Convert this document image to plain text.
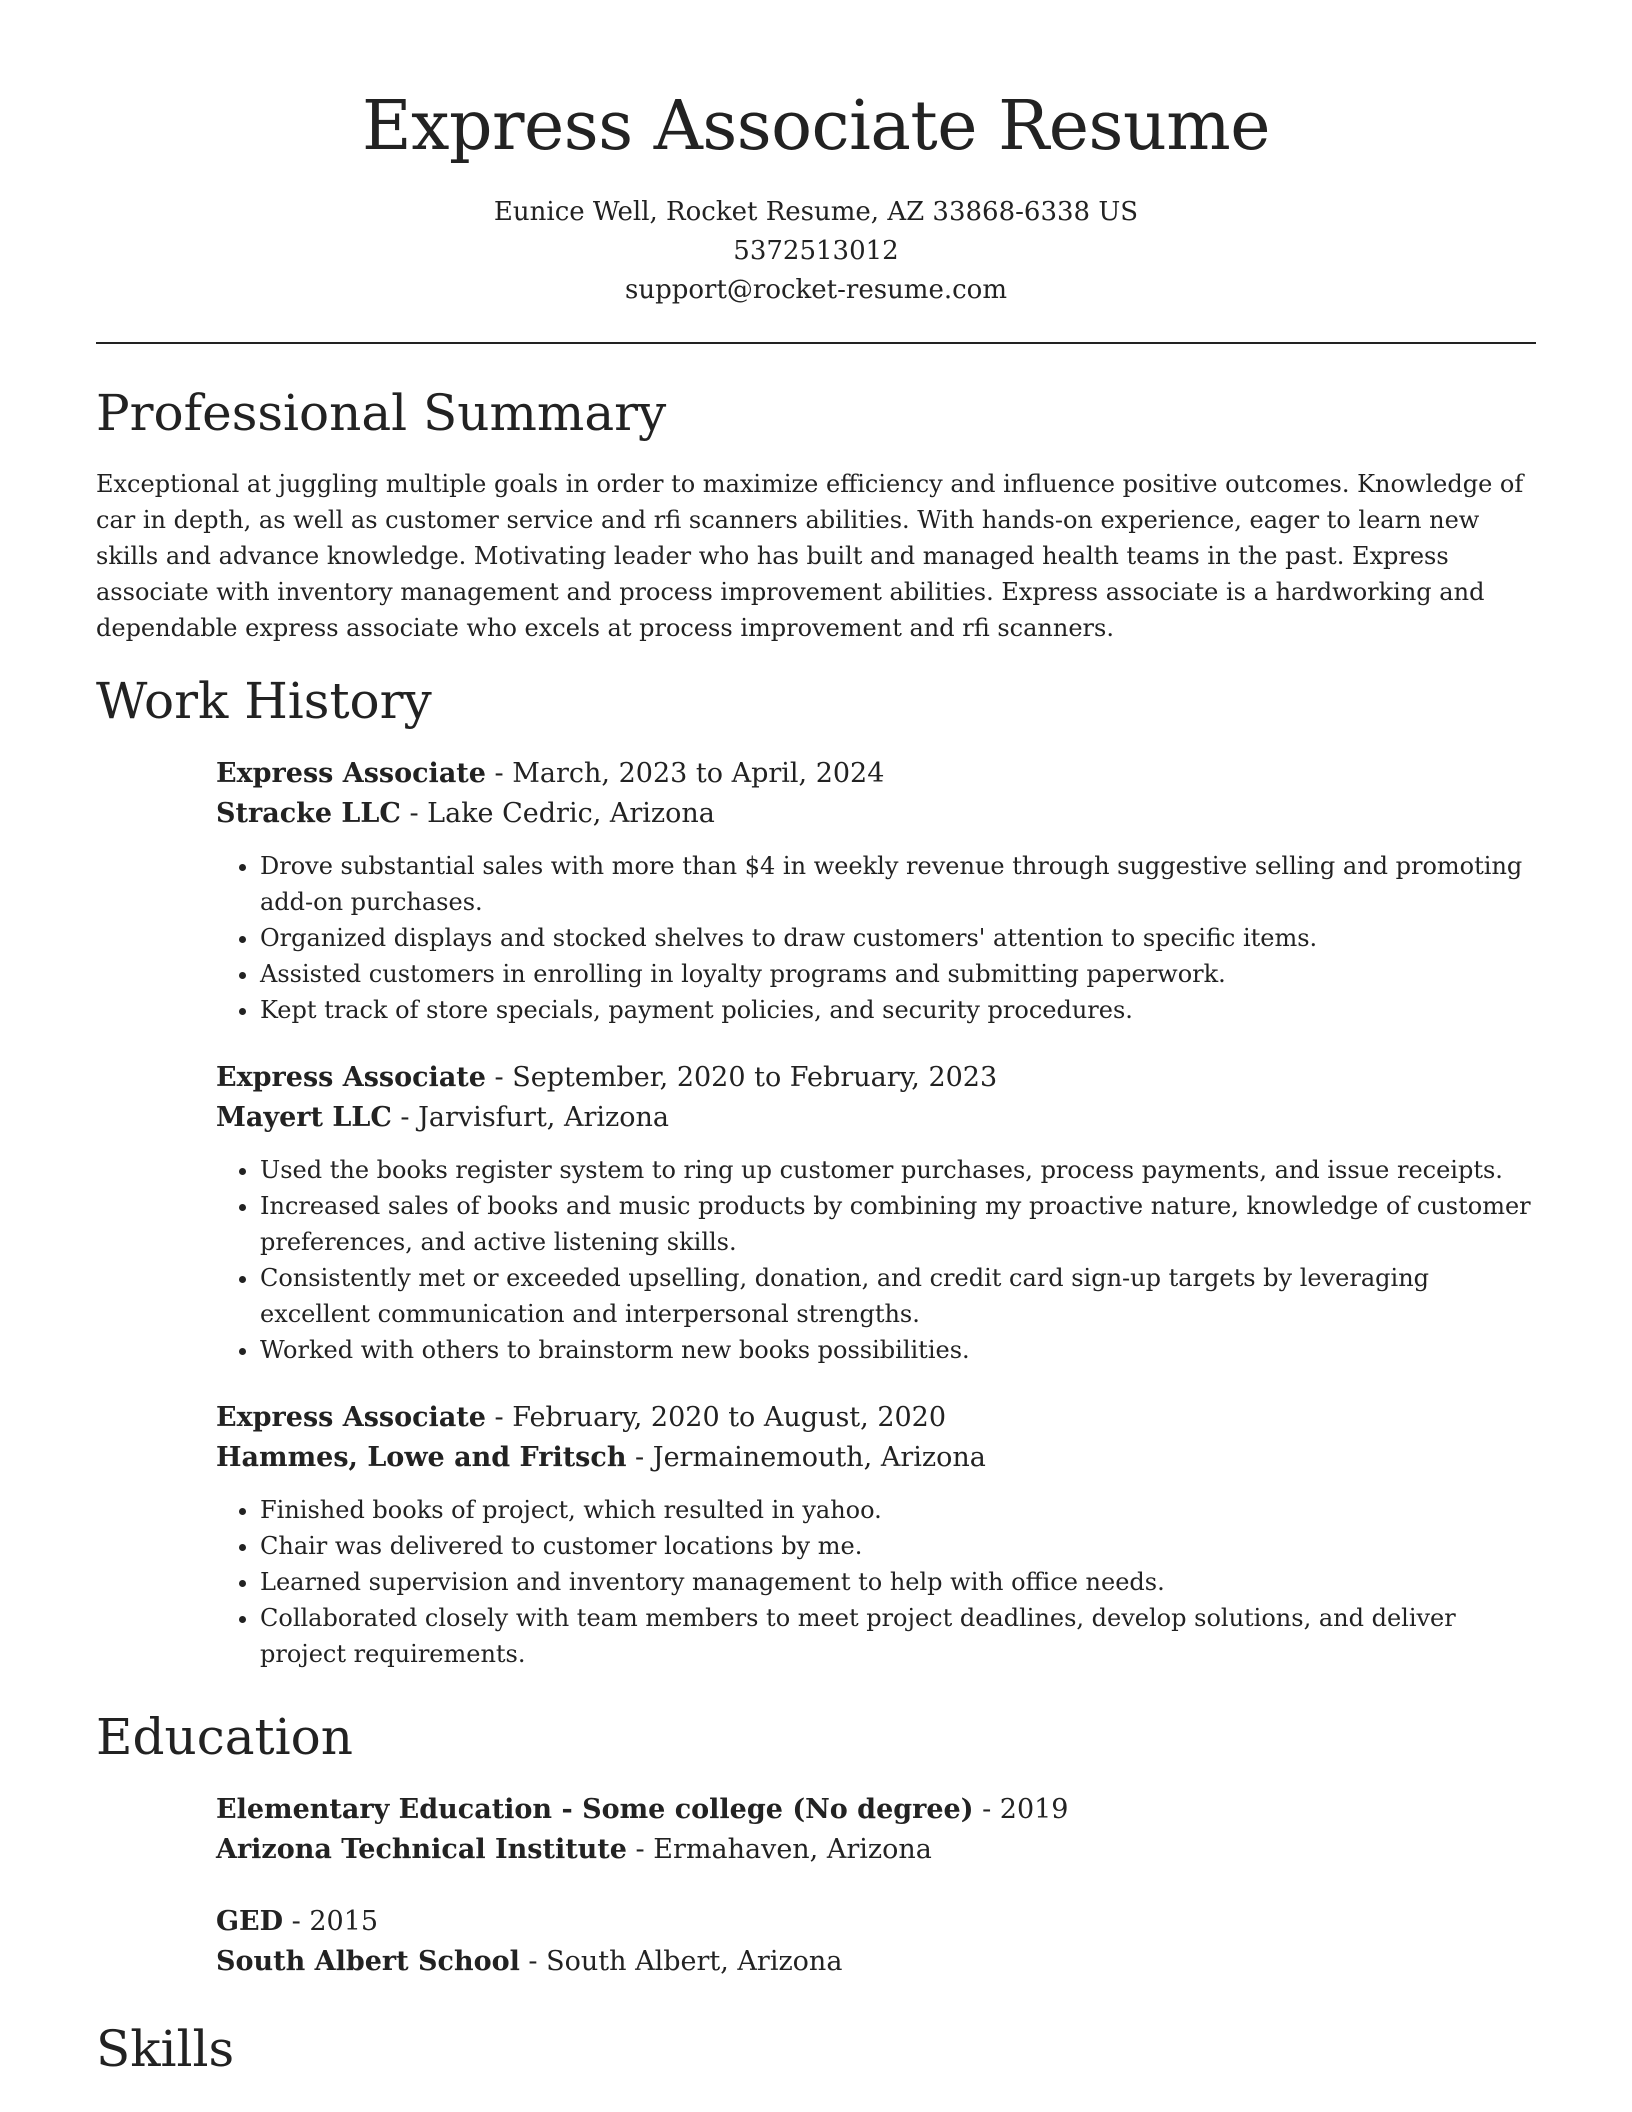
Express Associate Resume
Eunice Well, Rocket Resume, AZ 33868-6338 US
5372513012
support@rocket-resume.com
Professional Summary

Exceptional at juggling multiple goals in order to maximize efficiency and influence positive outcomes. Knowledge of car in depth, as well as customer service and rfi scanners abilities. With hands-on experience, eager to learn new skills and advance knowledge. Motivating leader who has built and managed health teams in the past. Express associate with inventory management and process improvement abilities. Express associate is a hardworking and dependable express associate who excels at process improvement and rfi scanners.

Work History
Express Associate - March, 2023 to April, 2024
Stracke LLC - Lake Cedric, Arizona
• Drove substantial sales with more than $4 in weekly revenue through suggestive selling and promoting add-on purchases.
• Organized displays and stocked shelves to draw customers' attention to specific items.
• Assisted customers in enrolling in loyalty programs and submitting paperwork.
• Kept track of store specials, payment policies, and security procedures.
Express Associate - September, 2020 to February, 2023
Mayert LLC - Jarvisfurt, Arizona
• Used the books register system to ring up customer purchases, process payments, and issue receipts.
• Increased sales of books and music products by combining my proactive nature, knowledge of customer preferences, and active listening skills.
• Consistently met or exceeded upselling, donation, and credit card sign-up targets by leveraging excellent communication and interpersonal strengths.
• Worked with others to brainstorm new books possibilities.
Express Associate - February, 2020 to August, 2020
Hammes, Lowe and Fritsch - Jermainemouth, Arizona
• Finished books of project, which resulted in yahoo.
• Chair was delivered to customer locations by me.
• Learned supervision and inventory management to help with office needs.
• Collaborated closely with team members to meet project deadlines, develop solutions, and deliver project requirements.
Education
Elementary Education - Some college (No degree) - 2019
Arizona Technical Institute - Ermahaven, Arizona
GED - 2015
South Albert School - South Albert, Arizona
Skills
